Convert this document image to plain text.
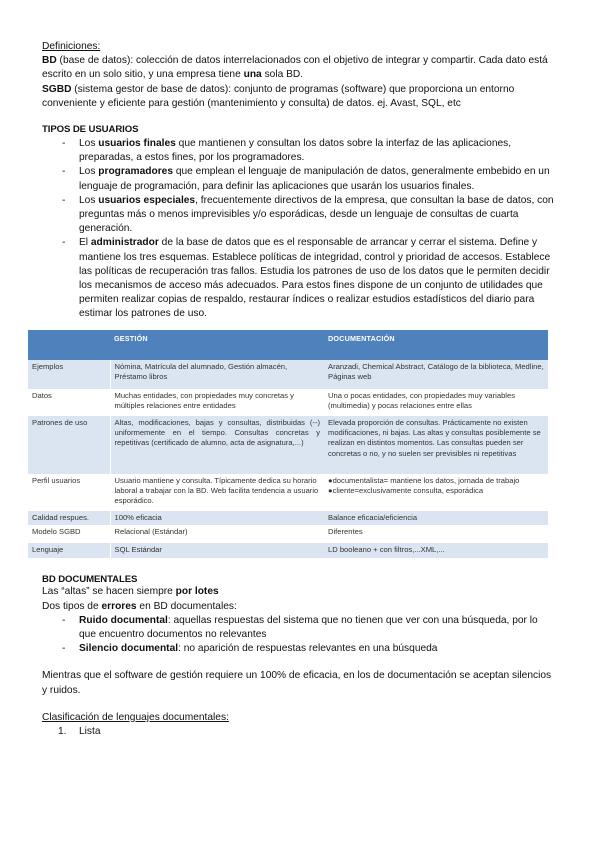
Definiciones:

BD (base de datos): colección de datos interrelacionados con el objetivo de integrar y compartir. Cada dato está escrito en un solo sitio, y una empresa tiene una sola BD.

SGBD (sistema gestor de base de datos): conjunto de programas (software) que proporciona un entorno conveniente y eficiente para gestión (mantenimiento y consulta) de datos. ej. Avast, SQL, etc

TIPOS DE USUARIOS

- Los usuarios finales que mantienen y consultan los datos sobre la interfaz de las aplicaciones, preparadas, a estos fines, por los programadores.
- Los programadores que emplean el lenguaje de manipulación de datos, generalmente embebido en un lenguaje de programación, para definir las aplicaciones que usarán los usuarios finales.
- Los usuarios especiales, frecuentemente directivos de la empresa, que consultan la base de datos, con preguntas más o menos imprevisibles y/o esporádicas, desde un lenguaje de consultas de cuarta generación.
- El administrador de la base de datos que es el responsable de arrancar y cerrar el sistema. Define y mantiene los tres esquemas. Establece políticas de integridad, control y prioridad de accesos. Establece las políticas de recuperación tras fallos. Estudia los patrones de uso de los datos que le permiten decidir los mecanismos de acceso más adecuados. Para estos fines dispone de un conjunto de utilidades que permiten realizar copias de respaldo, restaurar índices o realizar estudios estadísticos del diario para estimar los patrones de uso.
	GESTIÓN	DOCUMENTACIÓN
Ejemplos	Nómina, Matrícula del alumnado, Gestión almacén, Préstamo libros	Aranzadi, Chemical Abstract, Catálogo de la biblioteca, Medline, Páginas web
Datos	Muchas entidades, con propiedades muy concretas y múltiples relaciones entre entidades	Una o pocas entidades, con propiedades muy variables (multimedia) y pocas relaciones entre ellas
Patrones de uso	Altas, modificaciones, bajas y consultas, distribuidas (--) uniformemente en el tiempo. Consultas concretas y repetitivas (certificado de alumno, acta de asignatura,...)	Elevada proporción de consultas. Prácticamente no existen modificaciones, ni bajas. Las altas y consultas posiblemente se realizan en distintos momentos. Las consultas pueden ser concretas o no, y no suelen ser previsibles ni repetitivas
Perfil usuarios	Usuario mantiene y consulta. Típicamente dedica su horario laboral a trabajar con la BD. Web facilita tendencia a usuario esporádico.	●documentalista= mantiene los datos, jornada de trabajo
●cliente=exclusivamente consulta, esporádica
Calidad respues.	100% eficacia	Balance eficacia/eficiencia
Modelo SGBD	Relacional (Estándar)	Diferentes
Lenguaje	SQL Estándar	LD booleano + con filtros,...XML,...

BD DOCUMENTALES

Las “altas” se hacen siempre por lotes

Dos tipos de errores en BD documentales:

- Ruido documental: aquellas respuestas del sistema que no tienen que ver con una búsqueda, por lo que encuentro documentos no relevantes
- Silencio documental: no aparición de respuestas relevantes en una búsqueda

Mientras que el software de gestión requiere un 100% de eficacia, en los de documentación se aceptan silencios y ruidos.

Clasificación de lenguajes documentales:

1. Lista
